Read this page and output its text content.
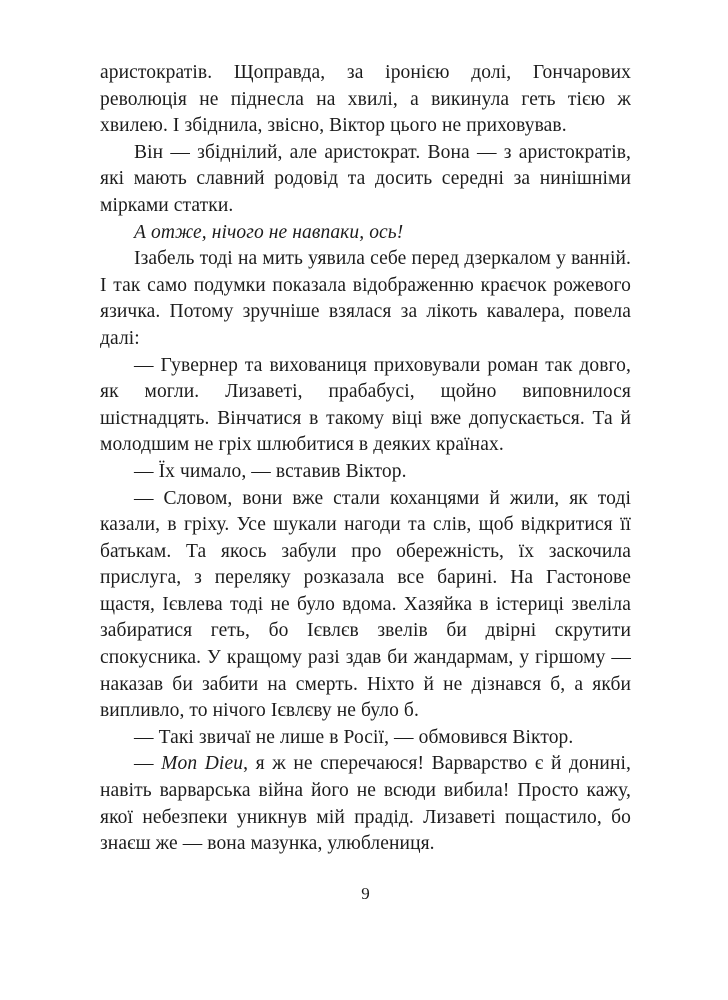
аристократів. Щоправда, за іронією долі, Гончарових революція не піднесла на хвилі, а викинула геть тією ж хвилею. І збіднила, звісно, Віктор цього не приховував.

Він — збіднілий, але аристократ. Вона — з аристократів, які мають славний родовід та досить середні за нинішніми мірками статки.

А отже, нічого не навпаки, ось!

Ізабель тоді на мить уявила себе перед дзеркалом у ванній. І так само подумки показала відображенню краєчок рожевого язичка. Потому зручніше взялася за лікоть кавалера, повела далі:

— Гувернер та вихованиця приховували роман так довго, як могли. Лизаветі, прабабусі, щойно виповнилося шістнадцять. Вінчатися в такому віці вже допускається. Та й молодшим не гріх шлюбитися в деяких країнах.

— Їх чимало, — вставив Віктор.

— Словом, вони вже стали коханцями й жили, як тоді казали, в гріху. Усе шукали нагоди та слів, щоб відкритися її батькам. Та якось забули про обережність, їх заскочила прислуга, з переляку розказала все барині. На Гастонове щастя, Ієвлева тоді не було вдома. Хазяйка в істериці звеліла забиратися геть, бо Ієвлєв звелів би двірні скрутити спокусника. У кращому разі здав би жандармам, у гіршому — наказав би забити на смерть. Ніхто й не дізнався б, а якби випливло, то нічого Ієвлєву не було б.

— Такі звичаї не лише в Росії, — обмовився Віктор.

— Mon Dieu, я ж не сперечаюся! Варварство є й донині, навіть варварська війна його не всюди вибила! Просто кажу, якої небезпеки уникнув мій прадід. Лизаветі пощастило, бо знаєш же — вона мазунка, улюблениця.

9
